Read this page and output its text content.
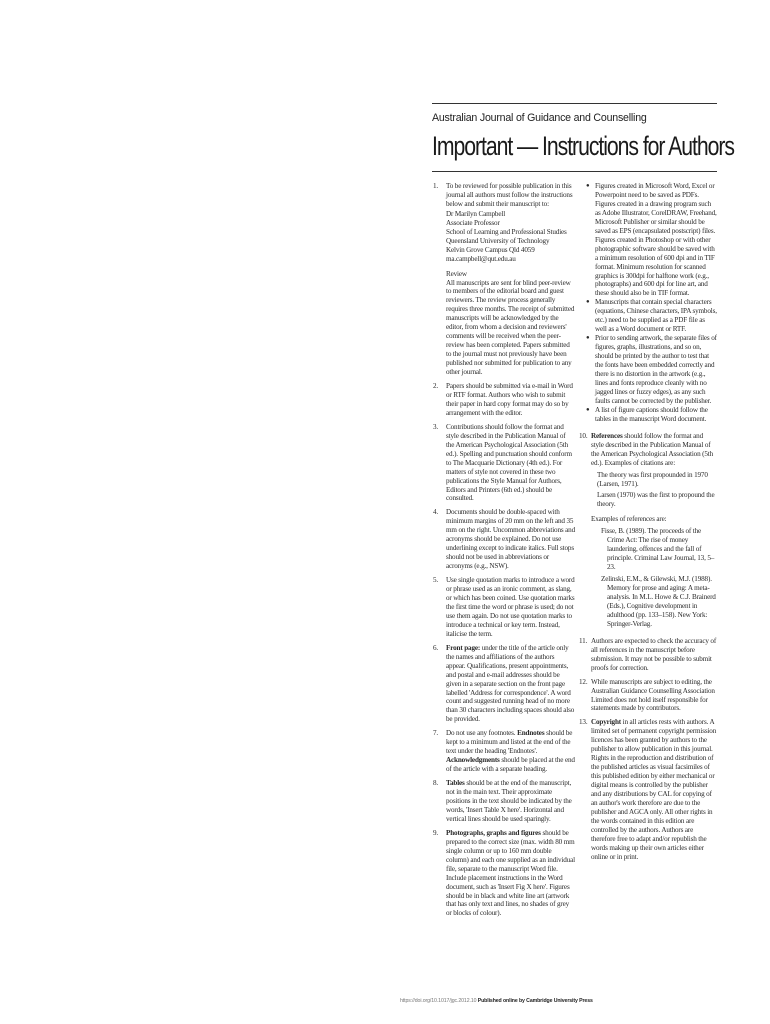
Australian Journal of Guidance and Counselling
Important — Instructions for Authors
1. To be reviewed for possible publication in this journal all authors must follow the instructions below and submit their manuscript to:

Dr Marilyn Campbell

Associate Professor

School of Learning and Professional Studies

Queensland University of Technology

Kelvin Grove Campus Qld 4059

ma.campbell@qut.edu.au

Review

All manuscripts are sent for blind peer-review to members of the editorial board and guest reviewers. The review process generally requires three months. The receipt of submitted manuscripts will be acknowledged by the editor, from whom a decision and reviewers' comments will be received when the peer-review has been completed. Papers submitted to the journal must not previously have been published nor submitted for publication to any other journal.

2. Papers should be submitted via e-mail in Word or RTF format. Authors who wish to submit their paper in hard copy format may do so by arrangement with the editor.

3. Contributions should follow the format and style described in the Publication Manual of the American Psychological Association (5th ed.). Spelling and punctuation should conform to The Macquarie Dictionary (4th ed.). For matters of style not covered in these two publications the Style Manual for Authors, Editors and Printers (6th ed.) should be consulted.

4. Documents should be double-spaced with minimum margins of 20 mm on the left and 35 mm on the right. Uncommon abbreviations and acronyms should be explained. Do not use underlining except to indicate italics. Full stops should not be used in abbreviations or acronyms (e.g., NSW).

5. Use single quotation marks to introduce a word or phrase used as an ironic comment, as slang, or which has been coined. Use quotation marks the first time the word or phrase is used; do not use them again. Do not use quotation marks to introduce a technical or key term. Instead, italicise the term.

6. Front page: under the title of the article only the names and affiliations of the authors appear. Qualifications, present appointments, and postal and e-mail addresses should be given in a separate section on the front page labelled 'Address for correspondence'. A word count and suggested running head of no more than 30 characters including spaces should also be provided.

7. Do not use any footnotes. Endnotes should be kept to a minimum and listed at the end of the text under the heading 'Endnotes'. Acknowledgments should be placed at the end of the article with a separate heading.

8. Tables should be at the end of the manuscript, not in the main text. Their approximate positions in the text should be indicated by the words, 'Insert Table X here'. Horizontal and vertical lines should be used sparingly.

9. Photographs, graphs and figures should be prepared to the correct size (max. width 80 mm single column or up to 160 mm double column) and each one supplied as an individual file, separate to the manuscript Word file. Include placement instructions in the Word document, such as 'Insert Fig X here'. Figures should be in black and white line art (artwork that has only text and lines, no shades of grey or blocks of colour).

● Figures created in Microsoft Word, Excel or Powerpoint need to be saved as PDFs. Figures created in a drawing program such as Adobe Illustrator, CorelDRAW, Freehand, Microsoft Publisher or similar should be saved as EPS (encapsulated postscript) files. Figures created in Photoshop or with other photographic software should be saved with a minimum resolution of 600 dpi and in TIF format. Minimum resolution for scanned graphics is 300dpi for halftone work (e.g., photographs) and 600 dpi for line art, and these should also be in TIF format.

● Manuscripts that contain special characters (equations, Chinese characters, IPA symbols, etc.) need to be supplied as a PDF file as well as a Word document or RTF.

● Prior to sending artwork, the separate files of figures, graphs, illustrations, and so on, should be printed by the author to test that the fonts have been embedded correctly and there is no distortion in the artwork (e.g., lines and fonts reproduce cleanly with no jagged lines or fuzzy edges), as any such faults cannot be corrected by the publisher.

● A list of figure captions should follow the tables in the manuscript Word document.

10. References should follow the format and style described in the Publication Manual of the American Psychological Association (5th ed.). Examples of citations are:

The theory was first propounded in 1970 (Larsen, 1971).

Larsen (1970) was the first to propound the theory.

Examples of references are:

Fisse, B. (1989). The proceeds of the Crime Act: The rise of money laundering, offences and the fall of principle. Criminal Law Journal, 13, 5–23.

Zelinski, E.M., & Gilewski, M.J. (1988). Memory for prose and aging: A meta-analysis. In M.L. Howe & C.J. Brainerd (Eds.), Cognitive development in adulthood (pp. 133–158). New York: Springer-Verlag.

11. Authors are expected to check the accuracy of all references in the manuscript before submission. It may not be possible to submit proofs for correction.

12. While manuscripts are subject to editing, the Australian Guidance Counselling Association Limited does not hold itself responsible for statements made by contributors.

13. Copyright in all articles rests with authors. A limited set of permanent copyright permission licences has been granted by authors to the publisher to allow publication in this journal. Rights in the reproduction and distribution of the published articles as visual facsimiles of this published edition by either mechanical or digital means is controlled by the publisher and any distributions by CAL for copying of an author's work therefore are due to the publisher and AGCA only. All other rights in the words contained in this edition are controlled by the authors. Authors are therefore free to adapt and/or republish the words making up their own articles either online or in print.

https://doi.org/10.1017/jgc.2012.10 Published online by Cambridge University Press
